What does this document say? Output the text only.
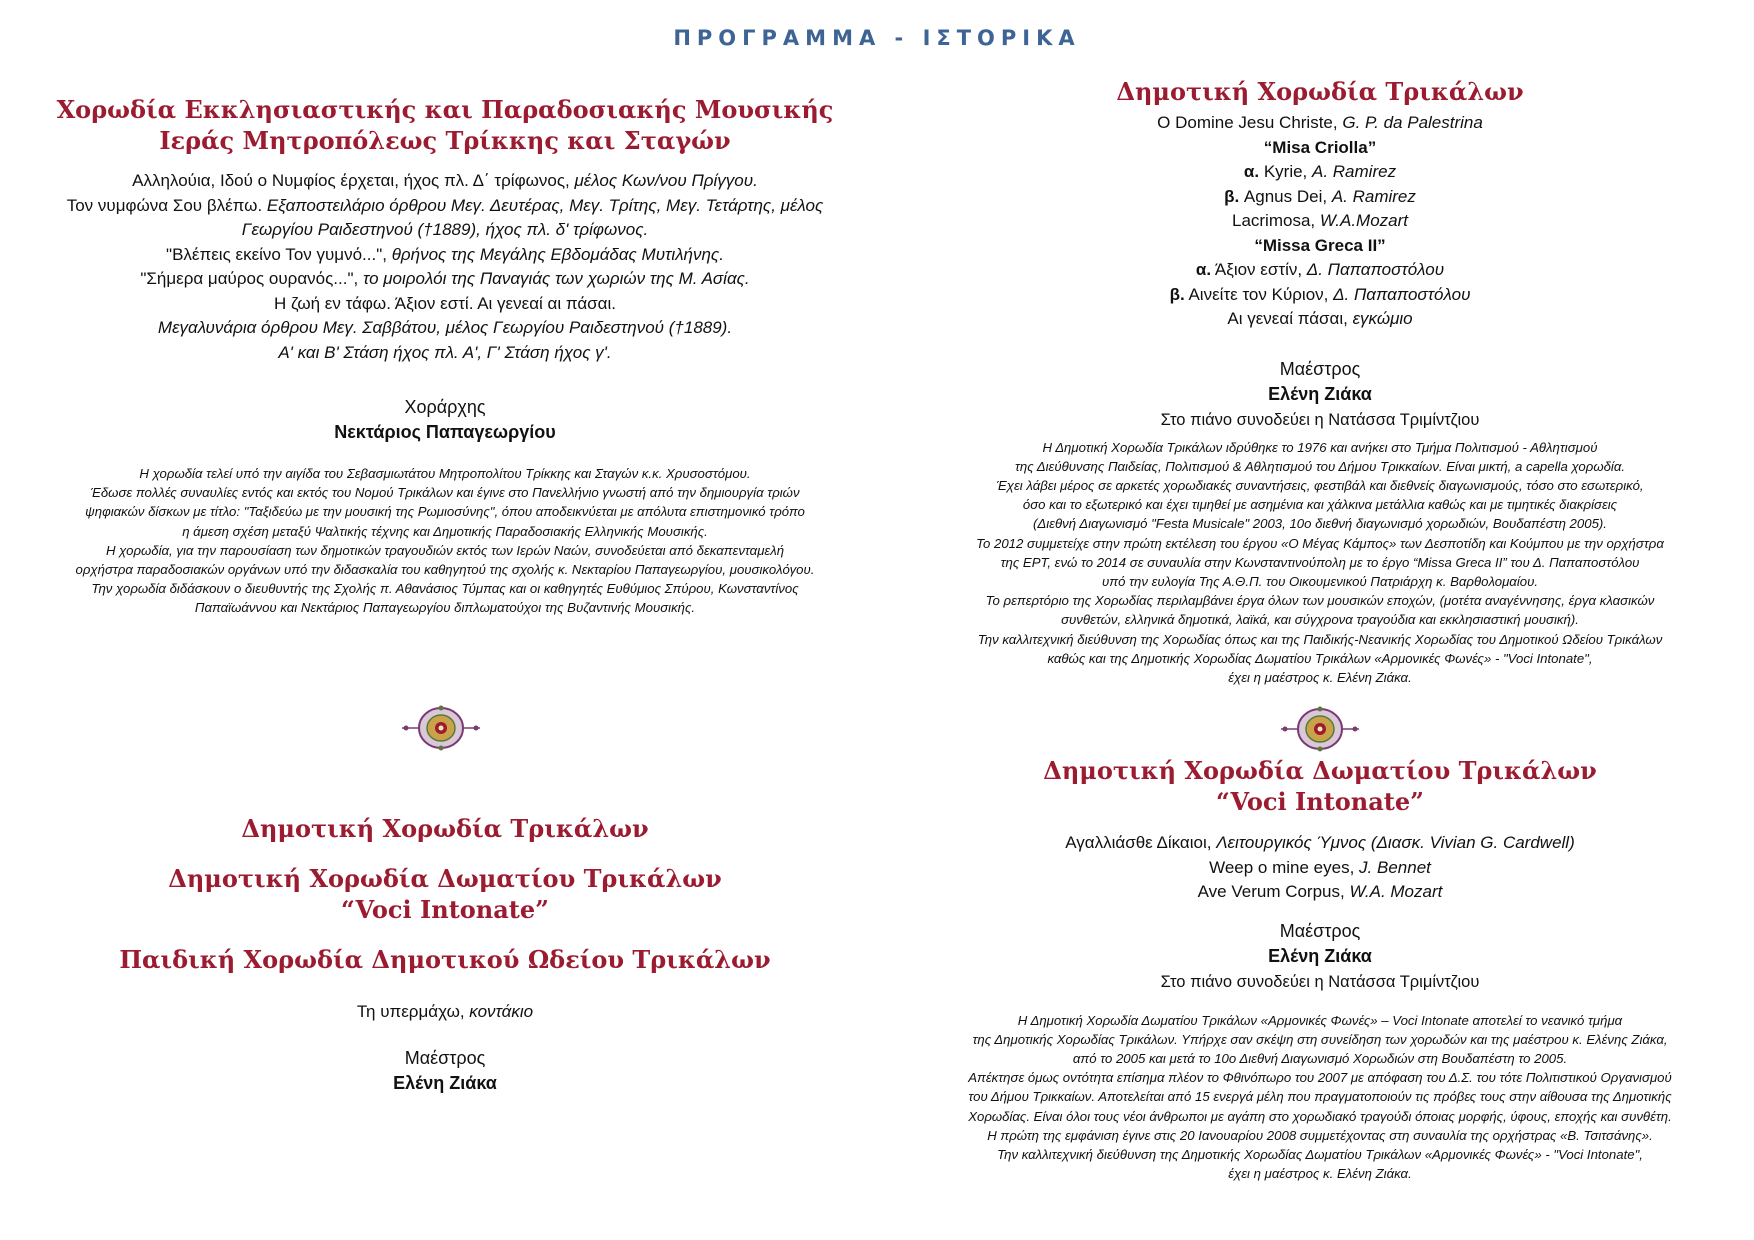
ΠΡΟΓΡΑΜΜΑ - ΙΣΤΟΡΙΚΑ
Χορωδία Εκκλησιαστικής και Παραδοσιακής Μουσικής
Ιεράς Μητροπόλεως Τρίκκης και Σταγών
Αλληλούια, Ιδού ο Νυμφίος έρχεται, ήχος πλ. Δ΄ τρίφωνος, μέλος Κων/νου Πρίγγου.
Τον νυμφώνα Σου βλέπω. Εξαποστειλάριο όρθρου Μεγ. Δευτέρας, Μεγ. Τρίτης, Μεγ. Τετάρτης, μέλος
Γεωργίου Ραιδεστηνού (†1889), ήχος πλ. δ' τρίφωνος.
"Βλέπεις εκείνο Τον γυμνό...", θρήνος της Μεγάλης Εβδομάδας Μυτιλήνης.
"Σήμερα μαύρος ουρανός...", το μοιρολόι της Παναγιάς των χωριών της Μ. Ασίας.
Η ζωή εν τάφω. Άξιον εστί. Αι γενεαί αι πάσαι.
Μεγαλυνάρια όρθρου Μεγ. Σαββάτου, μέλος Γεωργίου Ραιδεστηνού (†1889).
Α' και Β' Στάση ήχος πλ. Α', Γ' Στάση ήχος γ'.
Χοράρχης
Νεκτάριος Παπαγεωργίου
Η χορωδία τελεί υπό την αιγίδα του Σεβασμιωτάτου Μητροπολίτου Τρίκκης και Σταγών κ.κ. Χρυσοστόμου.
Έδωσε πολλές συναυλίες εντός και εκτός του Νομού Τρικάλων και έγινε στο Πανελλήνιο γνωστή από την δημιουργία τριών
ψηφιακών δίσκων με τίτλο: "Ταξιδεύω με την μουσική της Ρωμιοσύνης", όπου αποδεικνύεται με απόλυτα επιστημονικό τρόπο
η άμεση σχέση μεταξύ Ψαλτικής τέχνης και Δημοτικής Παραδοσιακής Ελληνικής Μουσικής.
Η χορωδία, για την παρουσίαση των δημοτικών τραγουδιών εκτός των Ιερών Ναών, συνοδεύεται από δεκαπενταμελή
ορχήστρα παραδοσιακών οργάνων υπό την διδασκαλία του καθηγητού της σχολής κ. Νεκταρίου Παπαγεωργίου, μουσικολόγου.
Την χορωδία διδάσκουν ο διευθυντής της Σχολής π. Αθανάσιος Τύμπας και οι καθηγητές Ευθύμιος Σπύρου, Κωνσταντίνος
Παπαϊωάννου και Νεκτάριος Παπαγεωργίου διπλωματούχοι της Βυζαντινής Μουσικής.
Δημοτική Χορωδία Τρικάλων
Δημοτική Χορωδία Δωματίου Τρικάλων
“Voci Intonate”
Παιδική Χορωδία Δημοτικού Ωδείου Τρικάλων
Τη υπερμάχω, κοντάκιο
Μαέστρος
Ελένη Ζιάκα
Δημοτική Χορωδία Τρικάλων
O Domine Jesu Christe, G. P. da Palestrina
“Misa Criolla”
α. Kyrie, A. Ramirez
β. Agnus Dei, A. Ramirez
Lacrimosa, W.A.Mozart
“Missa Greca II”
α. Άξιον εστίν, Δ. Παπαποστόλου
β. Αινείτε τον Κύριον, Δ. Παπαποστόλου
Αι γενεαί πάσαι, εγκώμιο
Μαέστρος
Ελένη Ζιάκα
Στο πιάνο συνοδεύει η Νατάσσα Τριμίντζιου
Η Δημοτική Χορωδία Τρικάλων ιδρύθηκε το 1976 και ανήκει στο Τμήμα Πολιτισμού - Αθλητισμού
της Διεύθυνσης Παιδείας, Πολιτισμού & Αθλητισμού του Δήμου Τρικκαίων. Είναι μικτή, a capella χορωδία.
Έχει λάβει μέρος σε αρκετές χορωδιακές συναντήσεις, φεστιβάλ και διεθνείς διαγωνισμούς, τόσο στο εσωτερικό,
όσο και το εξωτερικό και έχει τιμηθεί με ασημένια και χάλκινα μετάλλια καθώς και με τιμητικές διακρίσεις
(Διεθνή Διαγωνισμό "Festa Musicale" 2003, 10ο διεθνή διαγωνισμό χορωδιών, Βουδαπέστη 2005).
Το 2012 συμμετείχε στην πρώτη εκτέλεση του έργου «Ο Μέγας Κάμπος» των Δεσποτίδη και Κούμπου με την ορχήστρα
της ΕΡΤ, ενώ το 2014 σε συναυλία στην Κωνσταντινούπολη με το έργο “Missa Greca II” του Δ. Παπαποστόλου
υπό την ευλογία Της Α.Θ.Π. του Οικουμενικού Πατριάρχη κ. Βαρθολομαίου.
Το ρεπερτόριο της Χορωδίας περιλαμβάνει έργα όλων των μουσικών εποχών, (μοτέτα αναγέννησης, έργα κλασικών
συνθετών, ελληνικά δημοτικά, λαϊκά, και σύγχρονα τραγούδια και εκκλησιαστική μουσική).
Την καλλιτεχνική διεύθυνση της Χορωδίας όπως και της Παιδικής-Νεανικής Χορωδίας του Δημοτικού Ωδείου Τρικάλων
καθώς και της Δημοτικής Χορωδίας Δωματίου Τρικάλων «Αρμονικές Φωνές» - "Voci Intonate",
έχει η μαέστρος κ. Ελένη Ζιάκα.
Δημοτική Χορωδία Δωματίου Τρικάλων
“Voci Intonate”
Αγαλλιάσθε Δίκαιοι, Λειτουργικός Ύμνος (Διασκ. Vivian G. Cardwell)
Weep o mine eyes, J. Bennet
Ave Verum Corpus, W.A. Mozart
Μαέστρος
Ελένη Ζιάκα
Στο πιάνο συνοδεύει η Νατάσσα Τριμίντζιου
Η Δημοτική Χορωδία Δωματίου Τρικάλων «Αρμονικές Φωνές» – Voci Intonate αποτελεί το νεανικό τμήμα
της Δημοτικής Χορωδίας Τρικάλων. Υπήρχε σαν σκέψη στη συνείδηση των χορωδών και της μαέστρου κ. Ελένης Ζιάκα,
από το 2005 και μετά το 10ο Διεθνή Διαγωνισμό Χορωδιών στη Βουδαπέστη το 2005.
Απέκτησε όμως οντότητα επίσημα πλέον το Φθινόπωρο του 2007 με απόφαση του Δ.Σ. του τότε Πολιτιστικού Οργανισμού
του Δήμου Τρικκαίων. Αποτελείται από 15 ενεργά μέλη που πραγματοποιούν τις πρόβες τους στην αίθουσα της Δημοτικής
Χορωδίας. Είναι όλοι τους νέοι άνθρωποι με αγάπη στο χορωδιακό τραγούδι όποιας μορφής, ύφους, εποχής και συνθέτη.
Η πρώτη της εμφάνιση έγινε στις 20 Ιανουαρίου 2008 συμμετέχοντας στη συναυλία της ορχήστρας «Β. Τσιτσάνης».
Την καλλιτεχνική διεύθυνση της Δημοτικής Χορωδίας Δωματίου Τρικάλων «Αρμονικές Φωνές» - "Voci Intonate",
έχει η μαέστρος κ. Ελένη Ζιάκα.
